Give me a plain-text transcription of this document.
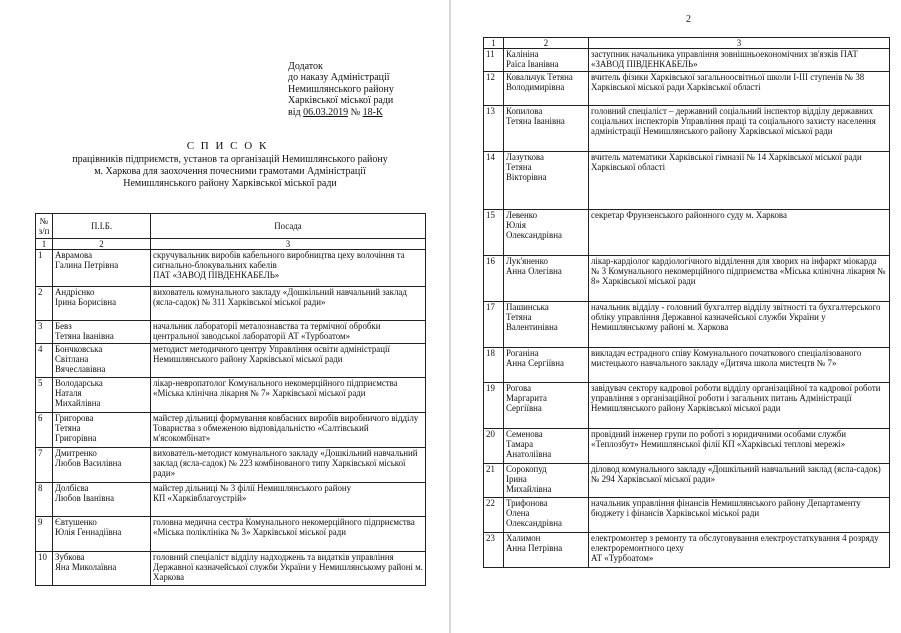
Додаток
до наказу Адміністрації
Немишлянського району
Харківської міської ради
від 06.03.2019 № 18-К
С П И С О К
працівників підприємств, установ та організацій Немишлянського району
м. Харкова для заохочення почесними грамотами Адміністрації
Немишлянського району Харківської міської ради
№
з/п	П.І.Б.	Посада
1	2	3
1	Аврамова
Галина Петрівна	скручувальник виробів кабельного виробництва цеху волочіння та сигнально-блокувальних кабелів
ПАТ «ЗАВОД ПІВДЕНКАБЕЛЬ»
2	Андрієнко
Ірина Борисівна	вихователь комунального закладу «Дошкільний навчальний заклад (ясла-садок) № 311 Харківської міської ради»
3	Бевз
Тетяна Іванівна	начальник лабораторії металознавства та термічної обробки центральної заводської лабораторії АТ «Турбоатом»
4	Бончковська
Світлана
Вячеславівна	методист методичного центру Управління освіти адміністрації Немишлянського району Харківської міської ради
5	Володарська
Наталя
Михайлівна	лікар-невропатолог Комунального некомерційного підприємства «Міська клінічна лікарня № 7» Харківської міської ради
6	Григорова
Тетяна
Григорівна	майстер дільниці формування ковбасних виробів виробничого відділу Товариства з обмеженою відповідальністю «Салтівський м'ясокомбінат»
7	Дмитренко
Любов Василівна	вихователь-методист комунального закладу «Дошкільний навчальний заклад (ясла-садок) № 223 комбінованого типу Харківської міської ради»
8	Долбієва
Любов Іванівна	майстер дільниці № 3 філії Немишлянського району
КП «Харківблагоустрій»
9	Євтушенко
Юлія Геннадіївна	головна медична сестра Комунального некомерційного підприємства «Міська поліклініка № 3» Харківської міської ради
10	Зубкова
Яна Миколаївна	головний спеціаліст відділу надходжень та видатків управління Державної казначейської служби України у Немишлянському районі м. Харкова
2
1	2	3
11	Калініна
Раїса Іванівна	заступник начальника управління зовнішньоекономічних зв'язків ПАТ «ЗАВОД ПІВДЕНКАБЕЛЬ»
12	Ковальчук Тетяна
Володимирівна	вчитель фізики Харківської загальноосвітньої школи І-ІІІ ступенів № 38 Харківської міської ради Харківської області
13	Копилова
Тетяна Іванівна	головний спеціаліст – державний соціальний інспектор відділу державних соціальних інспекторів Управління праці та соціального захисту населення адміністрації Немишлянського району Харківської міської ради
14	Лазуткова
Тетяна
Вікторівна	вчитель математики Харківської гімназії № 14 Харківської міської ради Харківської області
15	Левенко
Юлія
Олександрівна	секретар Фрунзенського районного суду м. Харкова
16	Лук'яненко
Анна Олегівна	лікар-кардіолог кардіологічного відділення для хворих на інфаркт міокарда № 3 Комунального некомерційного підприємства «Міська клінічна лікарня № 8» Харківської міської ради
17	Пашинська
Тетяна
Валентинівна	начальник відділу - головний бухгалтер відділу звітності та бухгалтерського обліку управління Державної казначейської служби України у Немишлянському районі м. Харкова
18	Роганіна
Анна Сергіївна	викладач естрадного співу Комунального початкового спеціалізованого мистецького навчального закладу «Дитяча школа мистецтв № 7»
19	Рогова
Маргарита
Сергіївна	завідувач сектору кадрової роботи відділу організаційної та кадрової роботи управління з організаційної роботи і загальних питань Адміністрації Немишлянського району Харківської міської ради
20	Семенова
Тамара
Анатоліївна	провідний інженер групи по роботі з юридичними особами служби «Теплозбут» Немишлянської філії КП «Харківські теплові мережі»
21	Сорокопуд
Ірина
Михайлівна	діловод комунального закладу «Дошкільний навчальний заклад (ясла-садок) № 294 Харківської міської ради»
22	Трифонова
Олена
Олександрівна	начальник управління фінансів Немишлянського району Департаменту бюджету і фінансів Харківської міської ради
23	Халимон
Анна Петрівна	електромонтер з ремонту та обслуговування електроустаткування 4 розряду електроремонтного цеху
АТ «Турбоатом»
